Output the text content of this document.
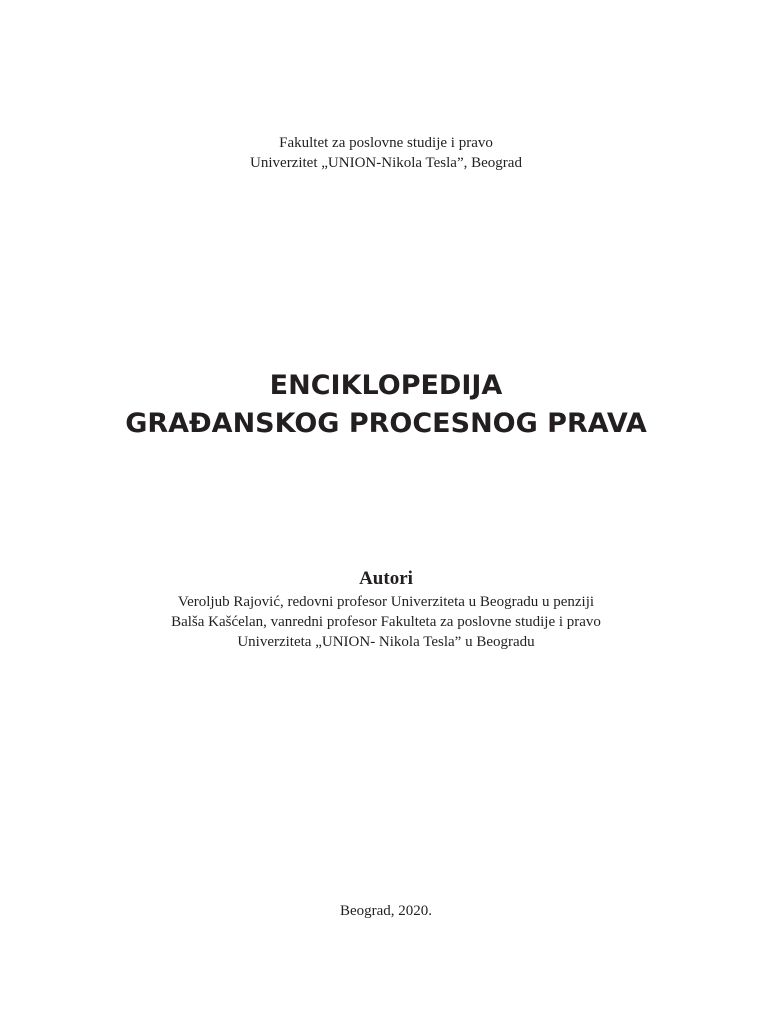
Fakultet za poslovne studije i pravo
Univerzitet „UNION-Nikola Tesla”, Beograd
ENCIKLOPEDIJA
GRAĐANSKOG PROCESNOG PRAVA
Autori
Veroljub Rajović, redovni profesor Univerziteta u Beogradu u penziji
Balša Kašćelan, vanredni profesor Fakulteta za poslovne studije i pravo
Univerziteta „UNION- Nikola Tesla” u Beogradu
Beograd, 2020.
